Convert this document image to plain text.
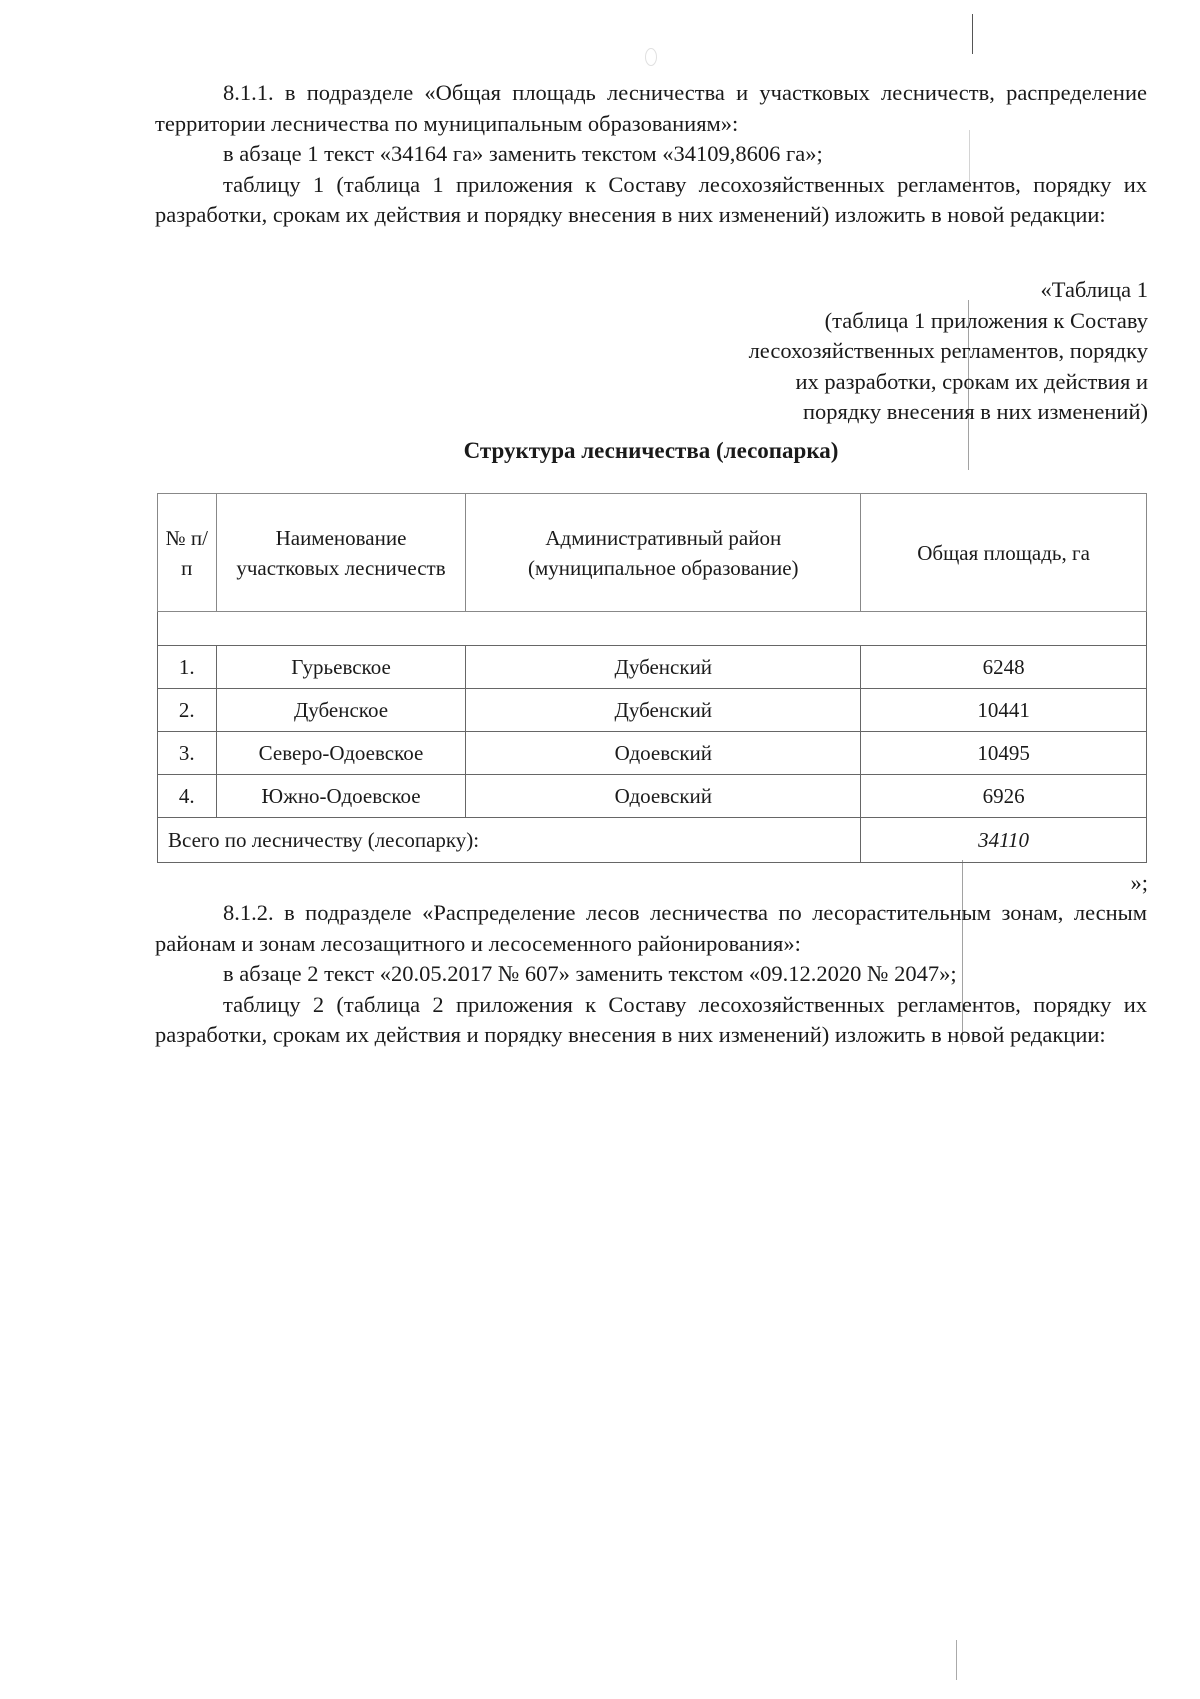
8.1.1. в подразделе «Общая площадь лесничества и участковых лесничеств, распределение территории лесничества по муниципальным образованиям»:

в абзаце 1 текст «34164 га» заменить текстом «34109,8606 га»;

таблицу 1 (таблица 1 приложения к Составу лесохозяйственных регламентов, порядку их разработки, срокам их действия и порядку внесения в них изменений) изложить в новой редакции:

«Таблица 1
(таблица 1 приложения к Составу
лесохозяйственных регламентов, порядку
их разработки, срокам их действия и
порядку внесения в них изменений)
Структура лесничества (лесопарка)
№ п/п	Наименование участковых лесничеств	Административный район (муниципальное образование)	Общая площадь, га

1.	Гурьевское	Дубенский	6248
2.	Дубенское	Дубенский	10441
3.	Северо-Одоевское	Одоевский	10495
4.	Южно-Одоевское	Одоевский	6926
Всего по лесничеству (лесопарку):			34110
»;

8.1.2. в подразделе «Распределение лесов лесничества по лесорастительным зонам, лесным районам и зонам лесозащитного и лесосеменного районирования»:

в абзаце 2 текст «20.05.2017 № 607» заменить текстом «09.12.2020 № 2047»;

таблицу 2 (таблица 2 приложения к Составу лесохозяйственных регламентов, порядку их разработки, срокам их действия и порядку внесения в них изменений) изложить в новой редакции:
